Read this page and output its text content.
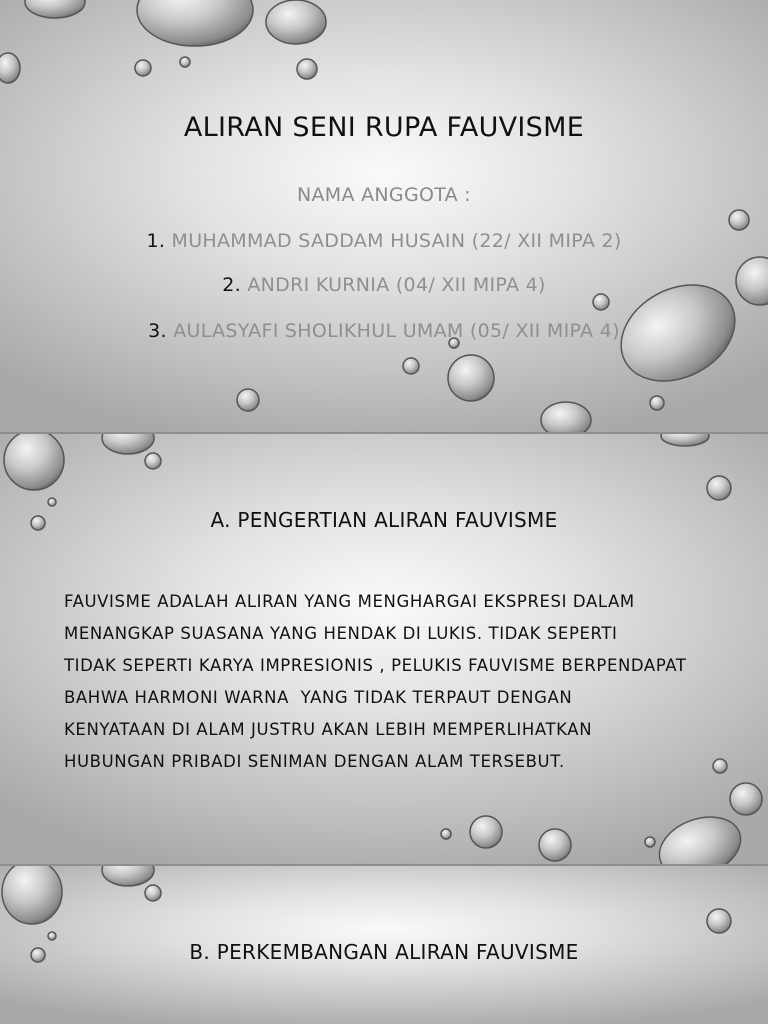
ALIRAN SENI RUPA FAUVISME
NAMA ANGGOTA :
1. MUHAMMAD SADDAM HUSAIN (22/ XII MIPA 2)
2. ANDRI KURNIA (04/ XII MIPA 4)
3. AULASYAFI SHOLIKHUL UMAM (05/ XII MIPA 4)
A. PENGERTIAN ALIRAN FAUVISME
FAUVISME ADALAH ALIRAN YANG MENGHARGAI EKSPRESI DALAM
MENANGKAP SUASANA YANG HENDAK DI LUKIS. TIDAK SEPERTI
TIDAK SEPERTI KARYA IMPRESIONIS , PELUKIS FAUVISME BERPENDAPAT
BAHWA HARMONI WARNA  YANG TIDAK TERPAUT DENGAN
KENYATAAN DI ALAM JUSTRU AKAN LEBIH MEMPERLIHATKAN
HUBUNGAN PRIBADI SENIMAN DENGAN ALAM TERSEBUT.
B. PERKEMBANGAN ALIRAN FAUVISME
